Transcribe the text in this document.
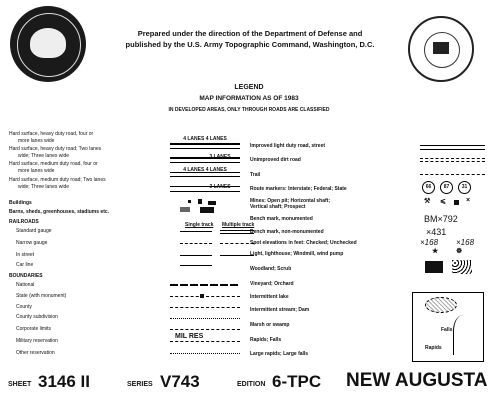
Prepared under the direction of the Department of Defense and
published by the U.S. Army Topographic Command, Washington, D.C.
LEGEND
MAP INFORMATION AS OF 1983
IN DEVELOPED AREAS, ONLY THROUGH ROADS ARE CLASSIFIED
Hard surface, heavy duty road, four or
more lanes wide	4 LANES 4 LANES
Hard surface, heavy duty road; Two lanes
wide; Three lanes wide	3 LANES
Hard surface, medium duty road, four or
more lanes wide	4 LANES 4 LANES
Hard surface, medium duty road; Two lanes
wide; Three lanes wide	3 LANES
Buildings
Barns, sheds, greenhouses, stadiums etc.
RAILROADS	Single track Multiple track
Standard gauge
Narrow gauge
In street
Car line
BOUNDARIES
National
State (with monument)
County
County subdivision
Corporate limits
Military reservation
MIL RES
Other reservation
Improved light duty road, street
Unimproved dirt road
Trail
Route markers: Interstate; Federal; State	66	87	31
Mines: Open pit; Horizontal shaft;
Vertical shaft; Prospect
⚒ ⩽	×
Bench mark, monumented	BM×792
Bench mark, non-monumented	×431
Spot elevations in feet: Checked; Unchecked	×168 ×168
Light, lighthouse; Windmill, wind pump	★	☸
Woodland; Scrub
Vineyard; Orchard
Intermittent lake
Falls
Rapids
Intermittent stream; Dam
Marsh or swamp
Rapids; Falls
Large rapids; Large falls
SHEET 3146 II	SERIES V743	EDITION 6-TPC NEW AUGUSTA
